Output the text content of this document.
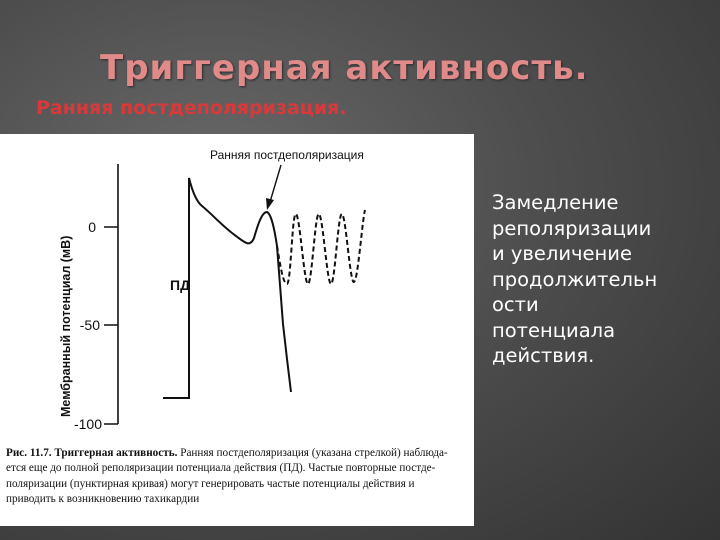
Триггерная активность.
Ранняя постдеполяризация.
Мембранный потенциал (мВ)
0
-50
-100
ПД
Ранняя постдеполяризация
Рис. 11.7. Триггерная активность. Ранняя постдеполяризация (указана стрелкой) наблюда-
ется еще до полной реполяризации потенциала действия (ПД). Частые повторные постде-
поляризации (пунктирная кривая) могут генерировать частые потенциалы действия и
приводить к возникновению тахикардии
Замедление
реполяризации
и увеличение
продолжительн
ости
потенциала
действия.
